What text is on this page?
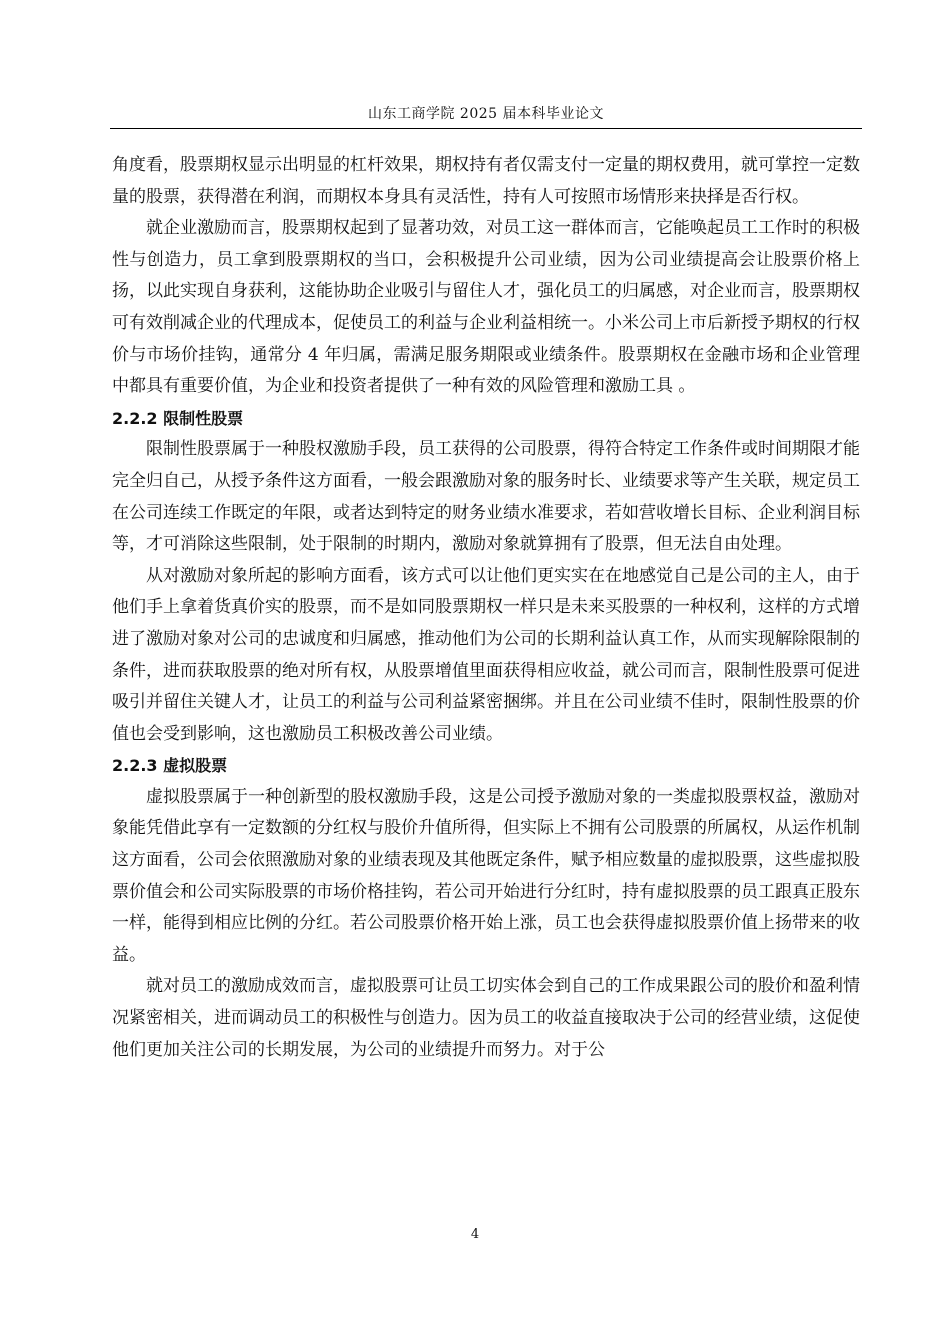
山东工商学院 2025 届本科毕业论文

角度看，股票期权显示出明显的杠杆效果，期权持有者仅需支付一定量的期权费用，就可掌控一定数量的股票，获得潜在利润，而期权本身具有灵活性，持有人可按照市场情形来抉择是否行权。

就企业激励而言，股票期权起到了显著功效，对员工这一群体而言，它能唤起员工工作时的积极性与创造力，员工拿到股票期权的当口，会积极提升公司业绩，因为公司业绩提高会让股票价格上扬，以此实现自身获利，这能协助企业吸引与留住人才，强化员工的归属感，对企业而言，股票期权可有效削减企业的代理成本，促使员工的利益与企业利益相统一。小米公司上市后新授予期权的行权价与市场价挂钩，通常分 4 年归属，需满足服务期限或业绩条件。股票期权在金融市场和企业管理中都具有重要价值，为企业和投资者提供了一种有效的风险管理和激励工具 。

2.2.2 限制性股票

限制性股票属于一种股权激励手段，员工获得的公司股票，得符合特定工作条件或时间期限才能完全归自己，从授予条件这方面看，一般会跟激励对象的服务时长、业绩要求等产生关联，规定员工在公司连续工作既定的年限，或者达到特定的财务业绩水准要求，若如营收增长目标、企业利润目标等，才可消除这些限制，处于限制的时期内，激励对象就算拥有了股票，但无法自由处理。

从对激励对象所起的影响方面看，该方式可以让他们更实实在在地感觉自己是公司的主人，由于他们手上拿着货真价实的股票，而不是如同股票期权一样只是未来买股票的一种权利，这样的方式增进了激励对象对公司的忠诚度和归属感，推动他们为公司的长期利益认真工作，从而实现解除限制的条件，进而获取股票的绝对所有权，从股票增值里面获得相应收益，就公司而言，限制性股票可促进吸引并留住关键人才，让员工的利益与公司利益紧密捆绑。并且在公司业绩不佳时，限制性股票的价值也会受到影响，这也激励员工积极改善公司业绩。

2.2.3 虚拟股票

虚拟股票属于一种创新型的股权激励手段，这是公司授予激励对象的一类虚拟股票权益，激励对象能凭借此享有一定数额的分红权与股价升值所得，但实际上不拥有公司股票的所属权，从运作机制这方面看，公司会依照激励对象的业绩表现及其他既定条件，赋予相应数量的虚拟股票，这些虚拟股票价值会和公司实际股票的市场价格挂钩，若公司开始进行分红时，持有虚拟股票的员工跟真正股东一样，能得到相应比例的分红。若公司股票价格开始上涨，员工也会获得虚拟股票价值上扬带来的收益。

就对员工的激励成效而言，虚拟股票可让员工切实体会到自己的工作成果跟公司的股价和盈利情况紧密相关，进而调动员工的积极性与创造力。因为员工的收益直接取决于公司的经营业绩，这促使他们更加关注公司的长期发展，为公司的业绩提升而努力。对于公

4
